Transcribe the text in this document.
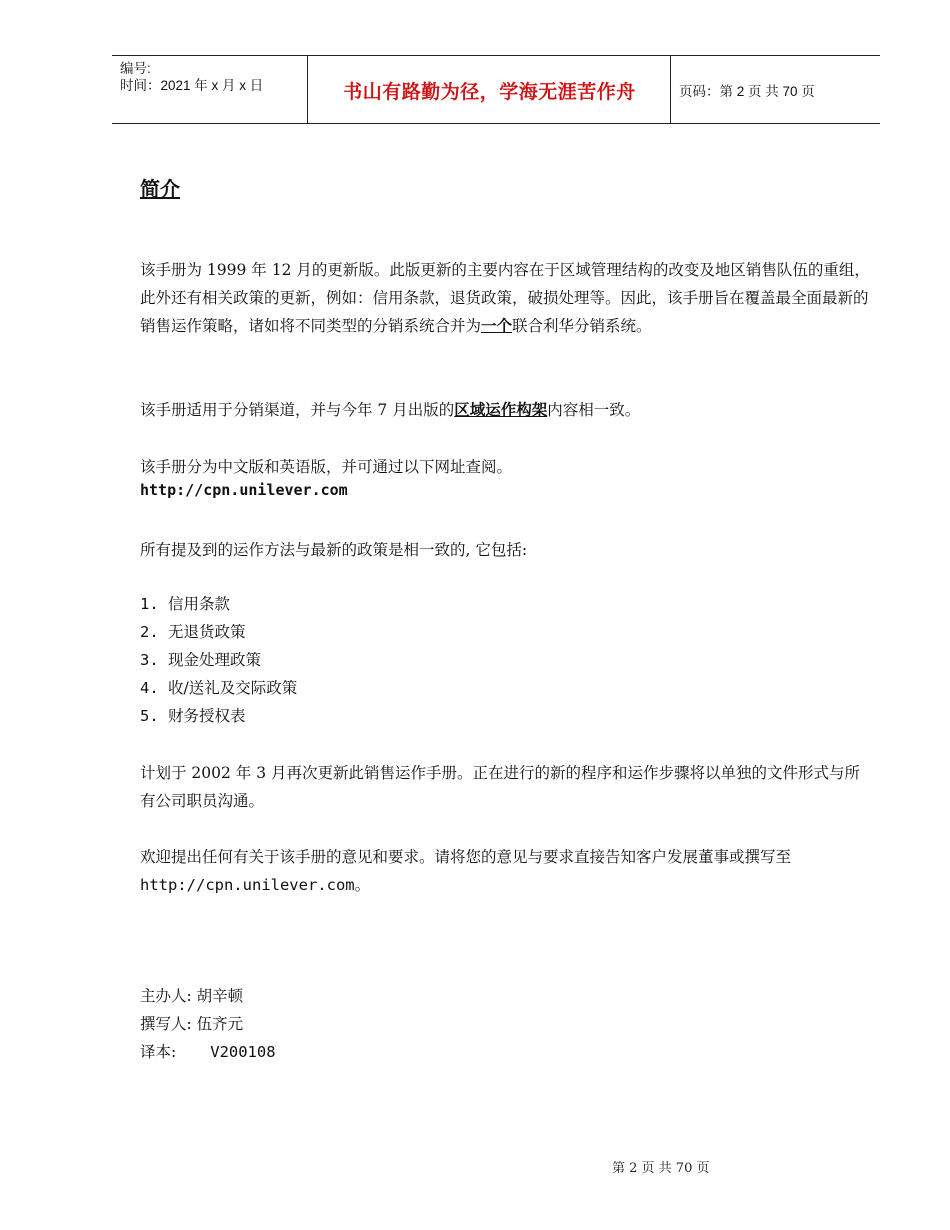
编号:
时间：2021 年 x 月 x 日	书山有路勤为径，学海无涯苦作舟	页码：第 2 页 共 70 页
简介
该手册为 1999 年 12 月的更新版。此版更新的主要内容在于区域管理结构的改变及地区销售队伍的重组，此外还有相关政策的更新，例如：信用条款，退货政策，破损处理等。因此，该手册旨在覆盖最全面最新的销售运作策略，诸如将不同类型的分销系统合并为一个联合利华分销系统。
该手册适用于分销渠道，并与今年 7 月出版的区域运作构架内容相一致。
该手册分为中文版和英语版，并可通过以下网址查阅。
http://cpn.unilever.com
所有提及到的运作方法与最新的政策是相一致的, 它包括:
1. 信用条款
2. 无退货政策
3. 现金处理政策
4. 收/送礼及交际政策
5. 财务授权表
计划于 2002 年 3 月再次更新此销售运作手册。正在进行的新的程序和运作步骤将以单独的文件形式与所有公司职员沟通。
欢迎提出任何有关于该手册的意见和要求。请将您的意见与要求直接告知客户发展董事或撰写至 http://cpn.unilever.com。
主办人: 胡辛顿
撰写人: 伍齐元
译本: V200108
第 2 页 共 70 页
